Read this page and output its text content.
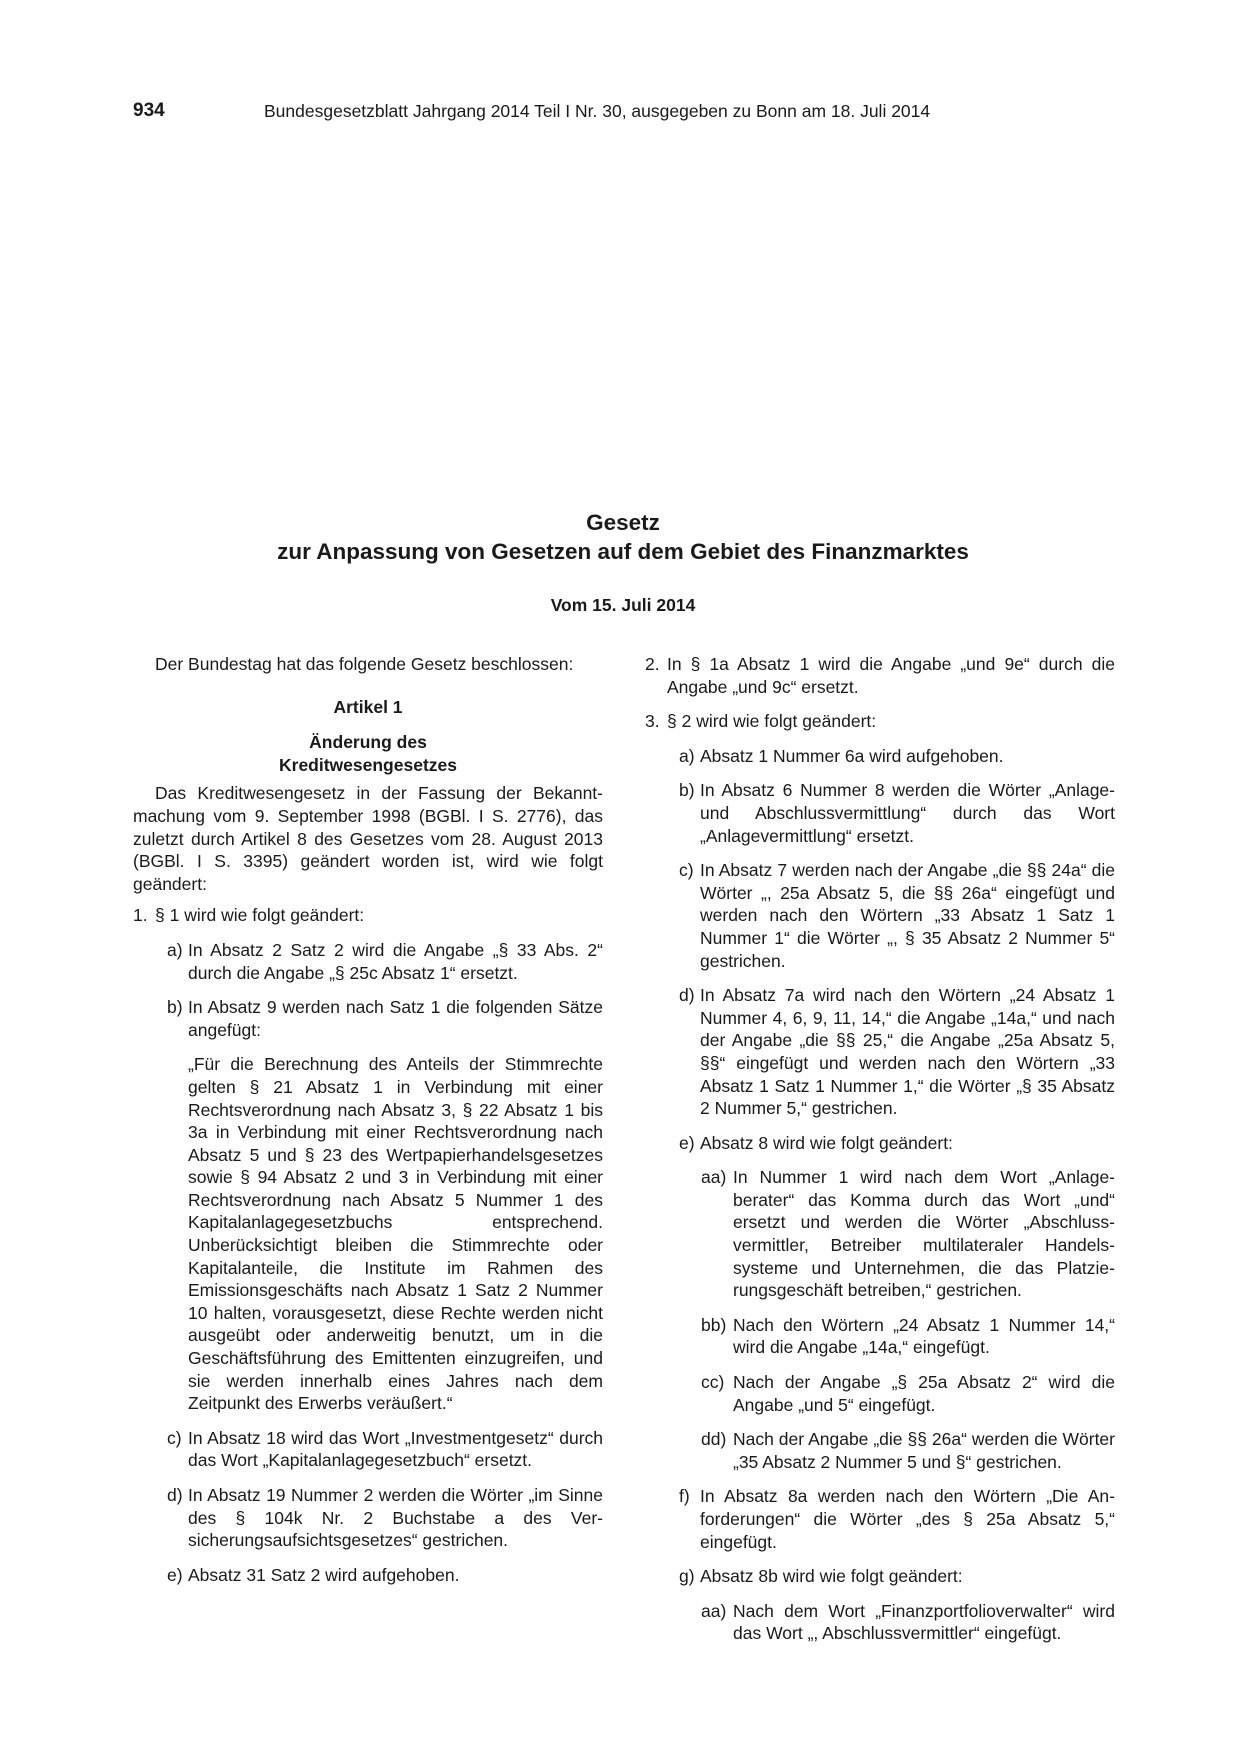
934	Bundesgesetzblatt Jahrgang 2014 Teil I Nr. 30, ausgegeben zu Bonn am 18. Juli 2014
Gesetz
zur Anpassung von Gesetzen auf dem Gebiet des Finanzmarktes
Vom 15. Juli 2014

Der Bundestag hat das folgende Gesetz beschlossen:

Artikel 1

Änderung des
Kreditwesengesetzes

Das Kreditwesengesetz in der Fassung der Bekanntmachung vom 9. September 1998 (BGBl. I S. 2776), das zuletzt durch Artikel 8 des Gesetzes vom 28. August 2013 (BGBl. I S. 3395) geändert worden ist, wird wie folgt geändert:

1. § 1 wird wie folgt geändert:

a) In Absatz 2 Satz 2 wird die Angabe „§ 33 Abs. 2“ durch die Angabe „§ 25c Absatz 1“ ersetzt.

b) In Absatz 9 werden nach Satz 1 die folgenden Sätze angefügt:

„Für die Berechnung des Anteils der Stimmrechte gelten § 21 Absatz 1 in Verbindung mit einer Rechtsverordnung nach Absatz 3, § 22 Absatz 1 bis 3a in Verbindung mit einer Rechtsverordnung nach Absatz 5 und § 23 des Wertpapierhandelsgesetzes sowie § 94 Absatz 2 und 3 in Verbindung mit einer Rechtsverordnung nach Absatz 5 Nummer 1 des Kapitalanlagegesetzbuchs entsprechend. Unberücksichtigt bleiben die Stimmrechte oder Kapitalanteile, die Institute im Rahmen des Emissionsgeschäfts nach Absatz 1 Satz 2 Nummer 10 halten, vorausgesetzt, diese Rechte werden nicht ausgeübt oder anderweitig benutzt, um in die Geschäftsführung des Emittenten einzugreifen, und sie werden innerhalb eines Jahres nach dem Zeitpunkt des Erwerbs veräußert.“

c) In Absatz 18 wird das Wort „Investmentgesetz“ durch das Wort „Kapitalanlagegesetzbuch“ ersetzt.

d) In Absatz 19 Nummer 2 werden die Wörter „im Sinne des § 104k Nr. 2 Buchstabe a des Versicherungsaufsichtsgesetzes“ gestrichen.

e) Absatz 31 Satz 2 wird aufgehoben.

2. In § 1a Absatz 1 wird die Angabe „und 9e“ durch die Angabe „und 9c“ ersetzt.

3. § 2 wird wie folgt geändert:

a) Absatz 1 Nummer 6a wird aufgehoben.

b) In Absatz 6 Nummer 8 werden die Wörter „Anlage- und Abschlussvermittlung“ durch das Wort „Anlagevermittlung“ ersetzt.

c) In Absatz 7 werden nach der Angabe „die §§ 24a“ die Wörter „, 25a Absatz 5, die §§ 26a“ eingefügt und werden nach den Wörtern „33 Absatz 1 Satz 1 Nummer 1“ die Wörter „, § 35 Absatz 2 Nummer 5“ gestrichen.

d) In Absatz 7a wird nach den Wörtern „24 Absatz 1 Nummer 4, 6, 9, 11, 14,“ die Angabe „14a,“ und nach der Angabe „die §§ 25,“ die Angabe „25a Absatz 5, §§“ eingefügt und werden nach den Wörtern „33 Absatz 1 Satz 1 Nummer 1,“ die Wörter „§ 35 Absatz 2 Nummer 5,“ gestrichen.

e) Absatz 8 wird wie folgt geändert:

aa) In Nummer 1 wird nach dem Wort „Anlageberater“ das Komma durch das Wort „und“ ersetzt und werden die Wörter „Abschlussvermittler, Betreiber multilateraler Handelssysteme und Unternehmen, die das Platzierungsgeschäft betreiben,“ gestrichen.

bb) Nach den Wörtern „24 Absatz 1 Nummer 14,“ wird die Angabe „14a,“ eingefügt.

cc) Nach der Angabe „§ 25a Absatz 2“ wird die Angabe „und 5“ eingefügt.

dd) Nach der Angabe „die §§ 26a“ werden die Wörter „35 Absatz 2 Nummer 5 und §“ gestrichen.

f) In Absatz 8a werden nach den Wörtern „Die Anforderungen“ die Wörter „des § 25a Absatz 5,“ eingefügt.

g) Absatz 8b wird wie folgt geändert:

aa) Nach dem Wort „Finanzportfolioverwalter“ wird das Wort „, Abschlussvermittler“ eingefügt.
